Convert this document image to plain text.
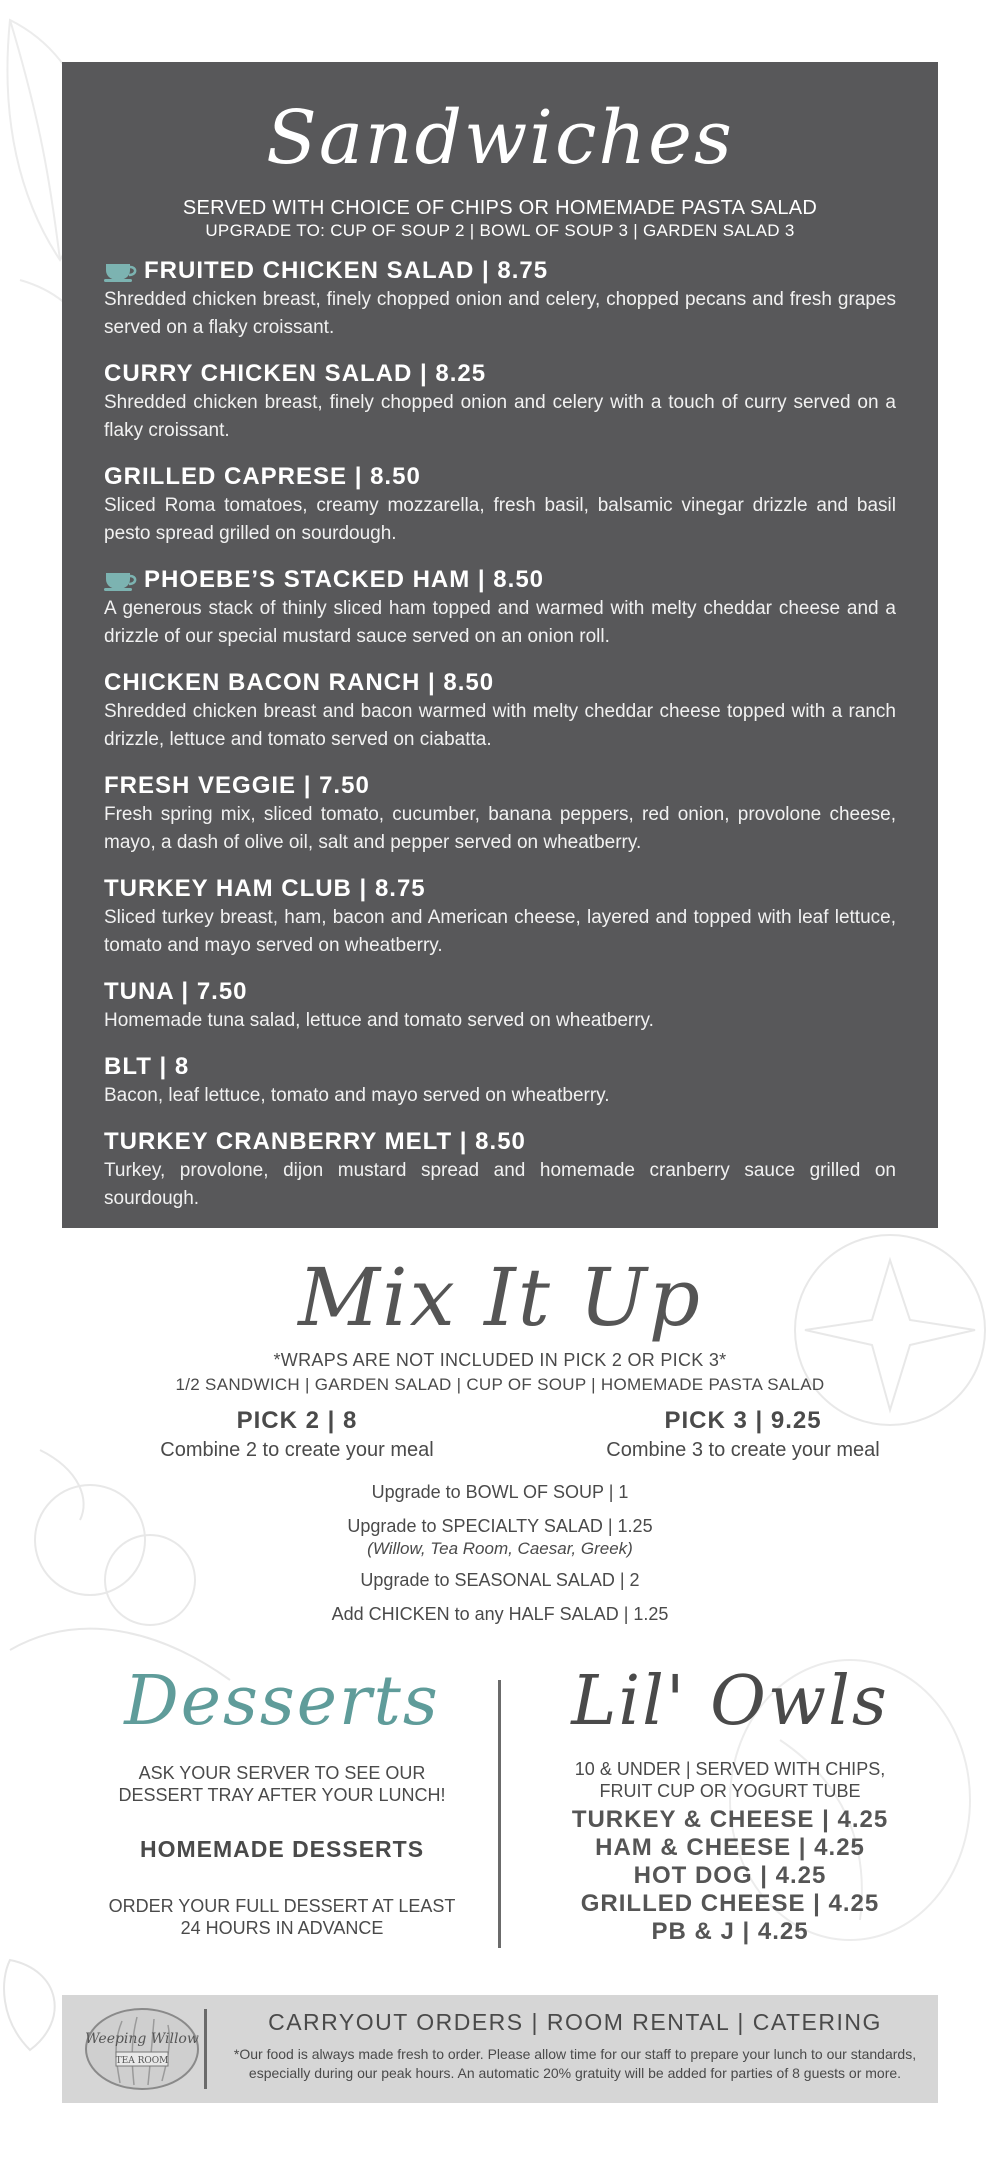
Sandwiches
SERVED WITH CHOICE OF CHIPS OR HOMEMADE PASTA SALAD
UPGRADE TO: CUP OF SOUP 2 | BOWL OF SOUP 3 | GARDEN SALAD 3
FRUITED CHICKEN SALAD | 8.75
Shredded chicken breast, finely chopped onion and celery, chopped pecans and fresh grapes served on a flaky croissant.
CURRY CHICKEN SALAD | 8.25
Shredded chicken breast, finely chopped onion and celery with a touch of curry served on a flaky croissant.
GRILLED CAPRESE | 8.50
Sliced Roma tomatoes, creamy mozzarella, fresh basil, balsamic vinegar drizzle and basil pesto spread grilled on sourdough.
PHOEBE’S STACKED HAM | 8.50
A generous stack of thinly sliced ham topped and warmed with melty cheddar cheese and a drizzle of our special mustard sauce served on an onion roll.
CHICKEN BACON RANCH | 8.50
Shredded chicken breast and bacon warmed with melty cheddar cheese topped with a ranch drizzle, lettuce and tomato served on ciabatta.
FRESH VEGGIE | 7.50
Fresh spring mix, sliced tomato, cucumber, banana peppers, red onion, provolone cheese, mayo, a dash of olive oil, salt and pepper served on wheatberry.
TURKEY HAM CLUB | 8.75
Sliced turkey breast, ham, bacon and American cheese, layered and topped with leaf lettuce, tomato and mayo served on wheatberry.
TUNA | 7.50
Homemade tuna salad, lettuce and tomato served on wheatberry.
BLT | 8
Bacon, leaf lettuce, tomato and mayo served on wheatberry.
TURKEY CRANBERRY MELT | 8.50
Turkey, provolone, dijon mustard spread and homemade cranberry sauce grilled on sourdough.
Mix It Up
*WRAPS ARE NOT INCLUDED IN PICK 2 OR PICK 3*
1/2 SANDWICH | GARDEN SALAD | CUP OF SOUP | HOMEMADE PASTA SALAD
PICK 2 | 8
Combine 2 to create your meal
PICK 3 | 9.25
Combine 3 to create your meal
Upgrade to BOWL OF SOUP | 1
Upgrade to SPECIALTY SALAD | 1.25
(Willow, Tea Room, Caesar, Greek)
Upgrade to SEASONAL SALAD | 2
Add CHICKEN to any HALF SALAD | 1.25
Desserts
ASK YOUR SERVER TO SEE OUR
DESSERT TRAY AFTER YOUR LUNCH!
HOMEMADE DESSERTS
ORDER YOUR FULL DESSERT AT LEAST
24 HOURS IN ADVANCE
Lil' Owls
10 & UNDER | SERVED WITH CHIPS,
FRUIT CUP OR YOGURT TUBE
TURKEY & CHEESE | 4.25
HAM & CHEESE | 4.25
HOT DOG | 4.25
GRILLED CHEESE | 4.25
PB & J | 4.25
Weeping Willow
TEA ROOM
CARRYOUT ORDERS | ROOM RENTAL | CATERING
*Our food is always made fresh to order. Please allow time for our staff to prepare your lunch to our standards,
especially during our peak hours. An automatic 20% gratuity will be added for parties of 8 guests or more.
